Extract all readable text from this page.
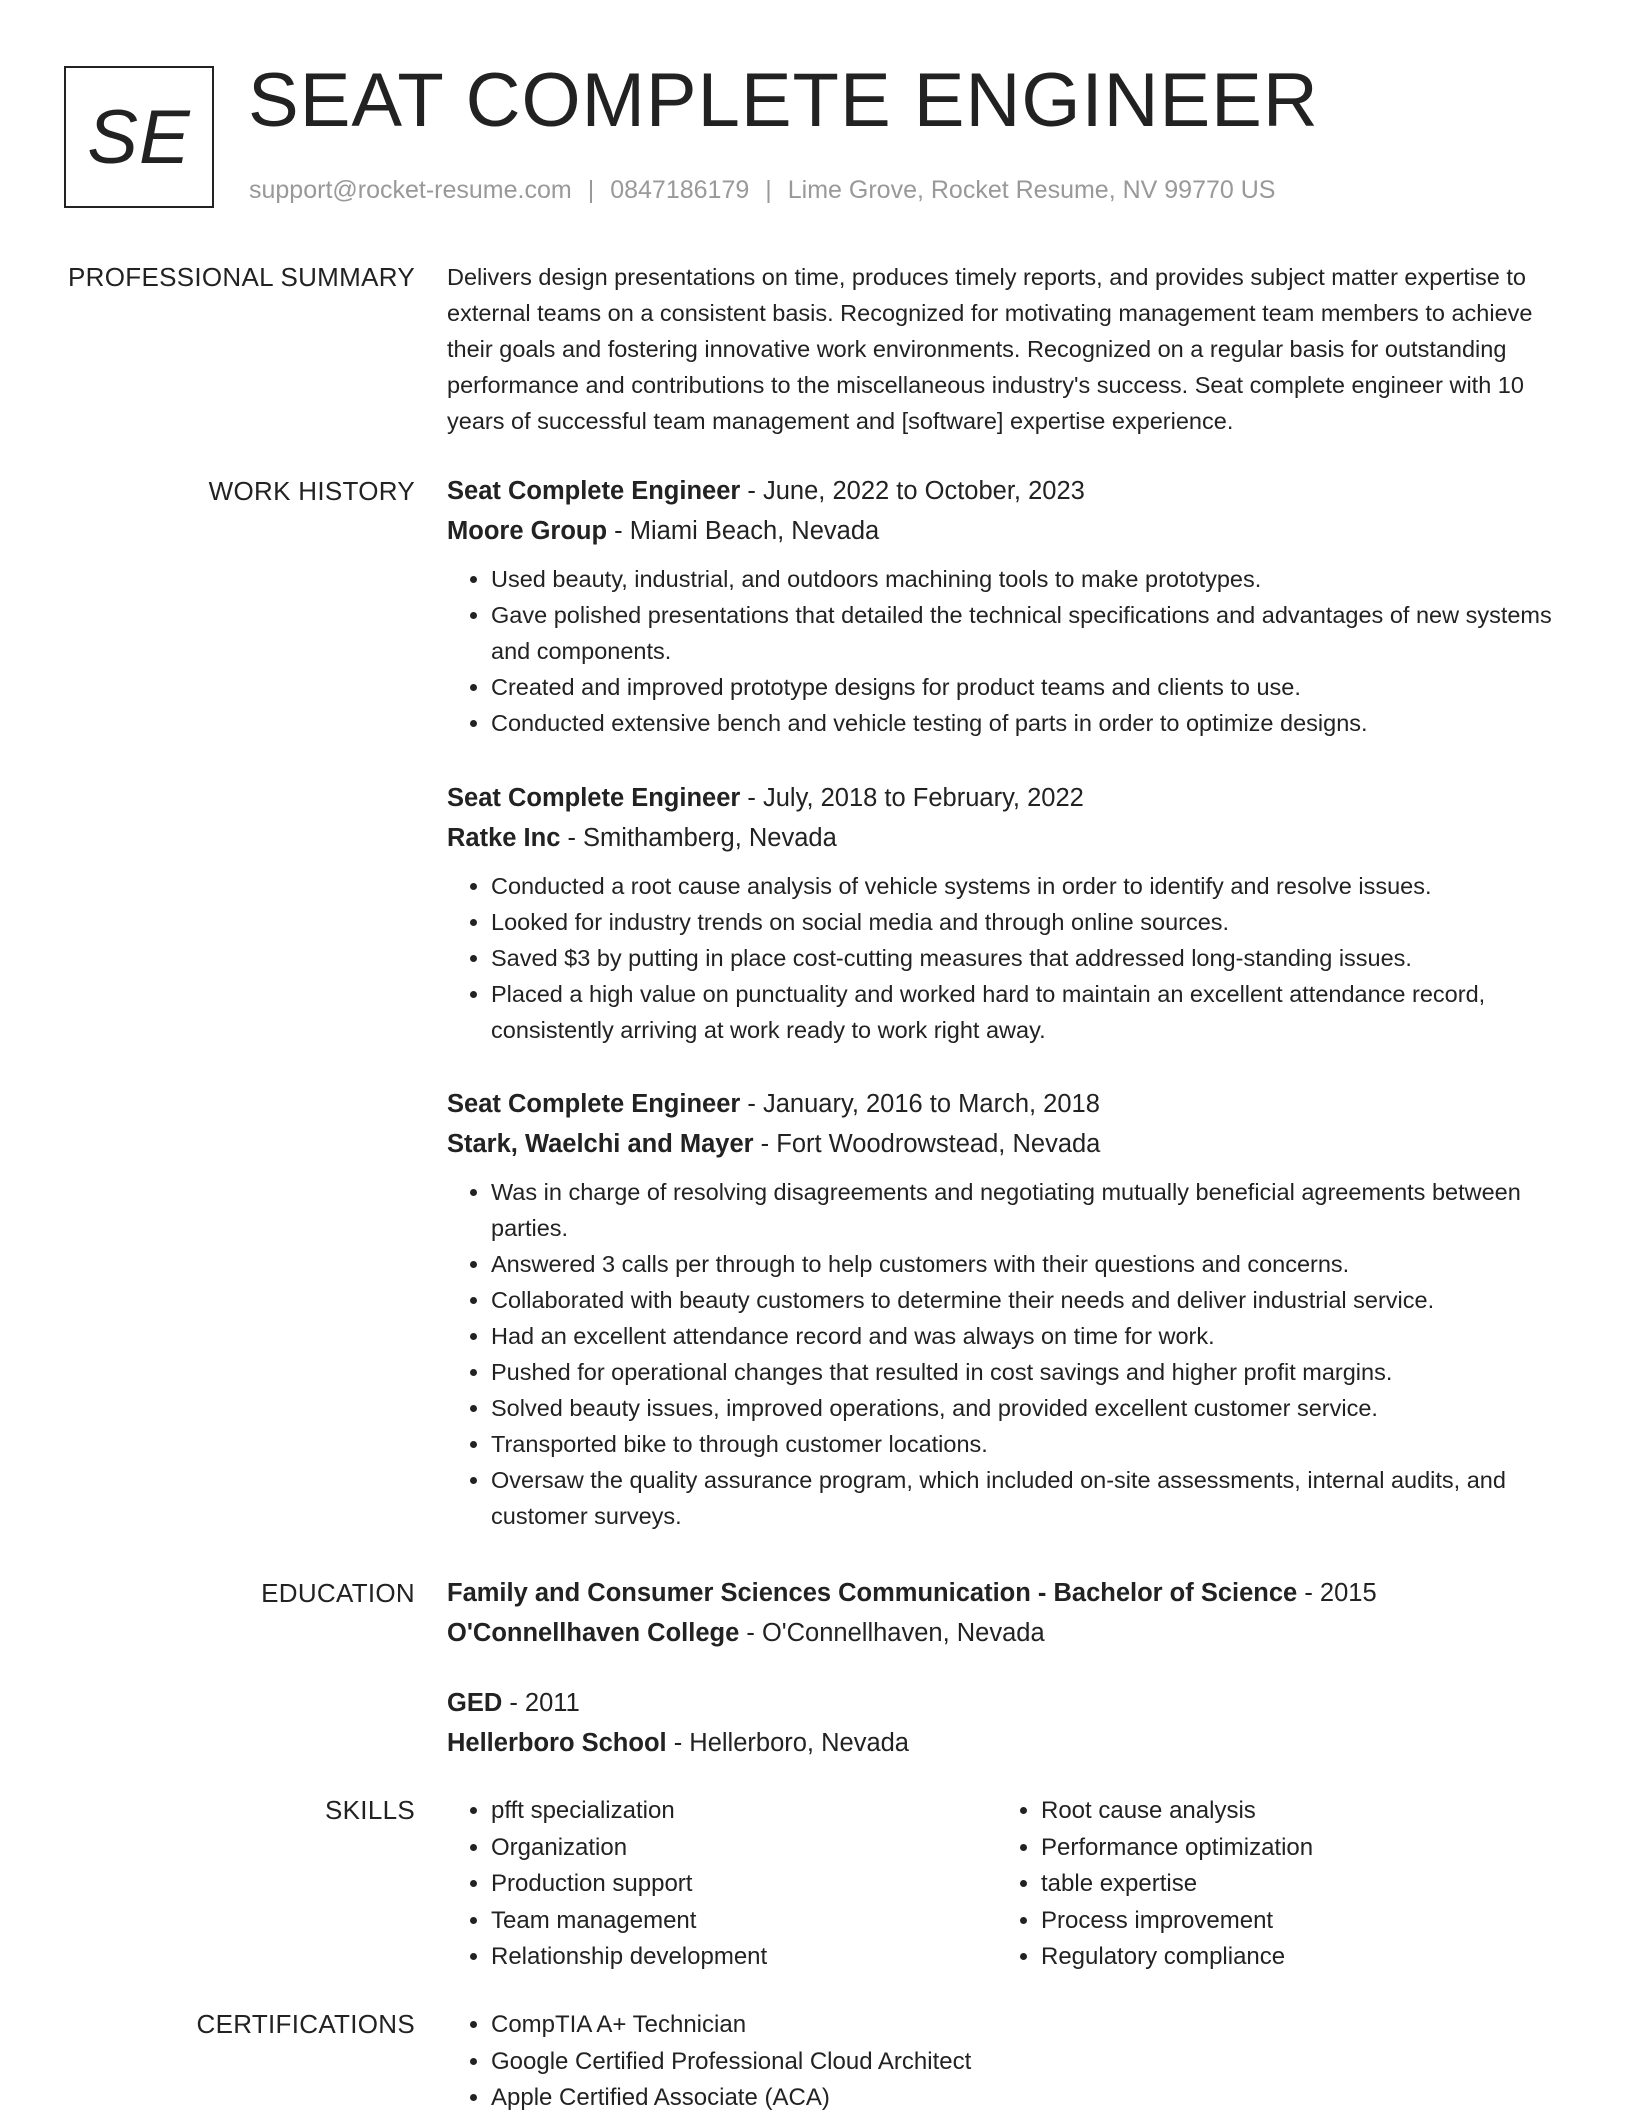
SE SEAT COMPLETE ENGINEER
support@rocket-resume.com | 0847186179 | Lime Grove, Rocket Resume, NV 99770 US
PROFESSIONAL SUMMARY Delivers design presentations on time, produces timely reports, and provides subject matter expertise to external teams on a consistent basis. Recognized for motivating management team members to achieve their goals and fostering innovative work environments. Recognized on a regular basis for outstanding performance and contributions to the miscellaneous industry's success. Seat complete engineer with 10 years of successful team management and [software] expertise experience.

WORK HISTORY Seat Complete Engineer - June, 2022 to October, 2023
Moore Group - Miami Beach, Nevada
• Used beauty, industrial, and outdoors machining tools to make prototypes.
• Gave polished presentations that detailed the technical specifications and advantages of new systems and components.
• Created and improved prototype designs for product teams and clients to use.
• Conducted extensive bench and vehicle testing of parts in order to optimize designs.
Seat Complete Engineer - July, 2018 to February, 2022
Ratke Inc - Smithamberg, Nevada
• Conducted a root cause analysis of vehicle systems in order to identify and resolve issues.
• Looked for industry trends on social media and through online sources.
• Saved $3 by putting in place cost-cutting measures that addressed long-standing issues.
• Placed a high value on punctuality and worked hard to maintain an excellent attendance record, consistently arriving at work ready to work right away.
Seat Complete Engineer - January, 2016 to March, 2018
Stark, Waelchi and Mayer - Fort Woodrowstead, Nevada
• Was in charge of resolving disagreements and negotiating mutually beneficial agreements between parties.
• Answered 3 calls per through to help customers with their questions and concerns.
• Collaborated with beauty customers to determine their needs and deliver industrial service.
• Had an excellent attendance record and was always on time for work.
• Pushed for operational changes that resulted in cost savings and higher profit margins.
• Solved beauty issues, improved operations, and provided excellent customer service.
• Transported bike to through customer locations.
• Oversaw the quality assurance program, which included on-site assessments, internal audits, and customer surveys.
EDUCATION Family and Consumer Sciences Communication - Bachelor of Science - 2015
O'Connellhaven College - O'Connellhaven, Nevada
GED - 2011
Hellerboro School - Hellerboro, Nevada
SKILLS	• pfft specialization
• Organization
• Production support
• Team management
• Relationship development
• Root cause analysis
• Performance optimization
• table expertise
• Process improvement
• Regulatory compliance
CERTIFICATIONS	• CompTIA A+ Technician
• Google Certified Professional Cloud Architect
• Apple Certified Associate (ACA)
